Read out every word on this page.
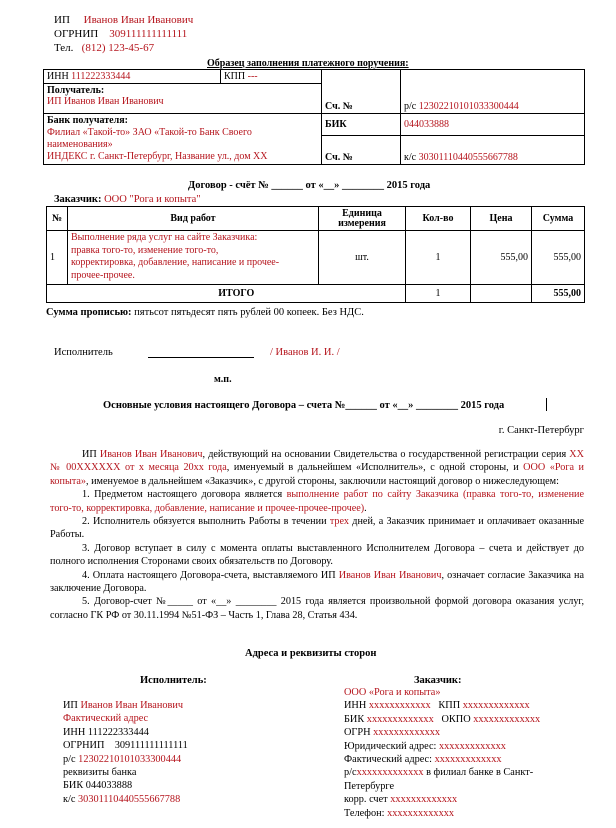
ИП Иванов Иван Иванович
ОГРНИП 309111111111111
Тел. (812) 123-45-67
Образец заполнения платежного поручения:
ИНН 111222333444	КПП ---		

Получатель:
ИП Иванов Иван Иванович		Сч. №	р/с 12302210101033300444

Банк получателя:
Филиал «Такой-то» ЗАО «Такой-то Банк Своего
наименования»
ИНДЕКС г. Санкт-Петербург, Название ул., дом ХХ		БИК	044033888
		Сч. №	к/с 30301110440555667788
Договор - счёт № ______ от «__» ________ 2015 года
Заказчик: ООО "Рога и копыта"
№	Вид работ	Единица измерения	Кол-во	Цена	Сумма
1	Выполнение ряда услуг на сайте Заказчика:
правка того-то, изменение того-то,
корректировка, добавление, написание и прочее-
прочее-прочее.	шт.	1	555,00	555,00
	ИТОГО		1		555,00
Сумма прописью: пятьсот пятьдесят пять рублей 00 копеек. Без НДС.
Исполнитель	/ Иванов И. И. /
м.п.
Основные условия настоящего Договора – счета №______ от «__» ________ 2015 года
г. Санкт-Петербург

ИП Иванов Иван Иванович, действующий на основании Свидетельства о государственной регистрации серия ХХ № 00ХХХХХХ от х месяца 20хх года, именуемый в дальнейшем «Исполнитель», с одной стороны, и ООО «Рога и копыта», именуемое в дальнейшем «Заказчик», с другой стороны, заключили настоящий договор о нижеследующем:

1. Предметом настоящего договора является выполнение работ по сайту Заказчика (правка того-то, изменение того-то, корректировка, добавление, написание и прочее-прочее-прочее).

2. Исполнитель обязуется выполнить Работы в течении трех дней, а Заказчик принимает и оплачивает оказанные Работы.

3. Договор вступает в силу с момента оплаты выставленного Исполнителем Договора – счета и действует до полного исполнения Сторонами своих обязательств по Договору.

4. Оплата настоящего Договора-счета, выставляемого ИП Иванов Иван Иванович, означает согласие Заказчика на заключение Договора.

5. Договор-счет №_____ от «__» ________ 2015 года является произвольной формой договора оказания услуг, согласно ГК РФ от 30.11.1994 №51-ФЗ – Часть 1, Глава 28, Статья 434.

Адреса и реквизиты сторон
Исполнитель:	Заказчик:
ИП Иванов Иван Иванович
Фактический адрес
ИНН 111222333444
ОГРНИП 309111111111111
р/с 12302210101033300444
реквизиты банка
БИК 044033888
к/с 30301110440555667788
ООО «Рога и копыта»
ИНН xxxxxxxxxxxx КПП xxxxxxxxxxxxx
БИК xxxxxxxxxxxxx ОКПО xxxxxxxxxxxxx
ОГРН xxxxxxxxxxxxx
Юридический адрес: xxxxxxxxxxxxx
Фактический адрес: xxxxxxxxxxxxx
р/сxxxxxxxxxxxxx в филиал банке в Санкт-
Петербурге
корр. счет xxxxxxxxxxxxx
Телефон: xxxxxxxxxxxxx
